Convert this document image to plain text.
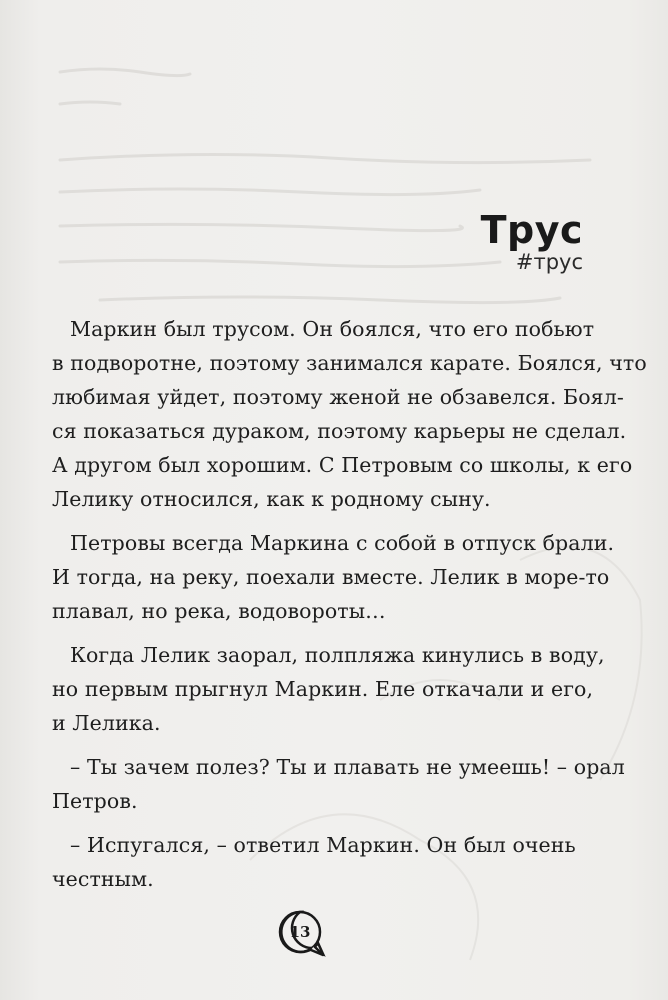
Трус
#трус
Маркин был трусом. Он боялся, что его побьют
в подворотне, поэтому занимался карате. Боялся, что
любимая уйдет, поэтому женой не обзавелся. Боял-
ся показаться дураком, поэтому карьеры не сделал.
А другом был хорошим. С Петровым со школы, к его
Лелику относился, как к родному сыну.
Петровы всегда Маркина с собой в отпуск брали.
И тогда, на реку, поехали вместе. Лелик в море-то
плавал, но река, водовороты…
Когда Лелик заорал, полпляжа кинулись в воду,
но первым прыгнул Маркин. Еле откачали и его,
и Лелика.
– Ты зачем полез? Ты и плавать не умеешь! – орал
Петров.
– Испугался, – ответил Маркин. Он был очень
честным.
13
